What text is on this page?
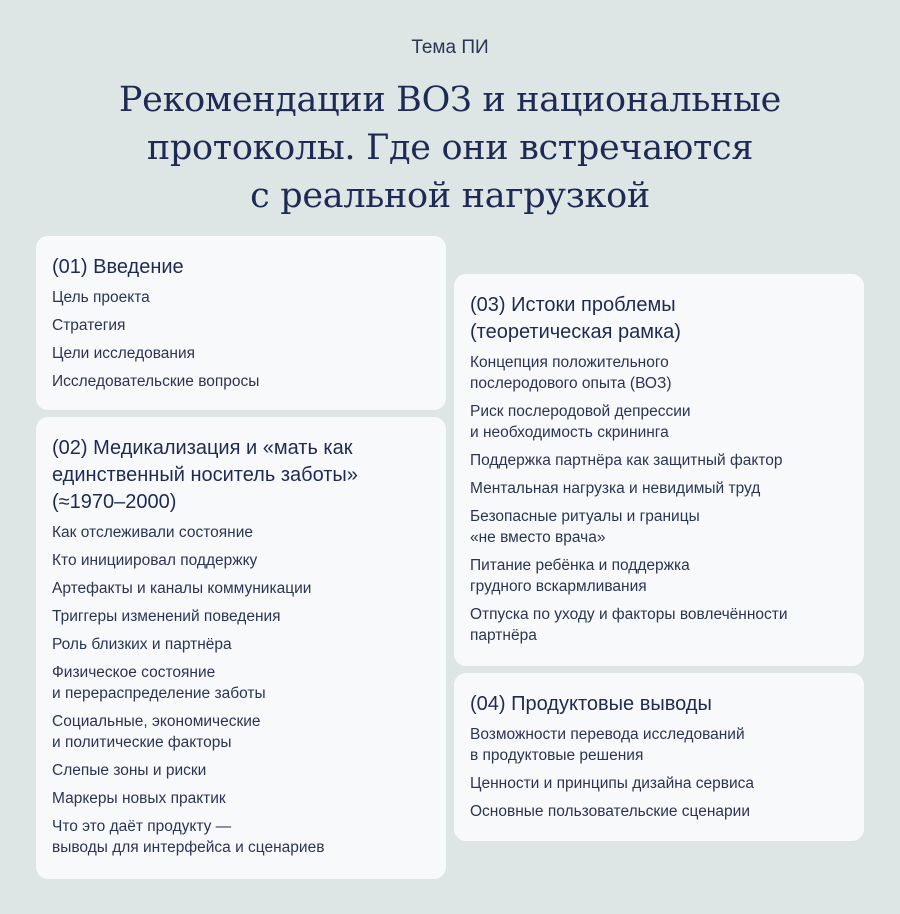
Тема ПИ

Рекомендации ВОЗ и национальные
протоколы. Где они встречаются
с реальной нагрузкой
(01) Введение
Цель проекта
Стратегия
Цели исследования
Исследовательские вопросы
(02) Медикализация и «мать как
единственный носитель заботы»
(≈1970–2000)
Как отслеживали состояние
Кто инициировал поддержку
Артефакты и каналы коммуникации
Триггеры изменений поведения
Роль близких и партнёра
Физическое состояние
и перераспределение заботы
Социальные, экономические
и политические факторы
Слепые зоны и риски
Маркеры новых практик
Что это даёт продукту —
выводы для интерфейса и сценариев
(03) Истоки проблемы
(теоретическая рамка)
Концепция положительного
послеродового опыта (ВОЗ)
Риск послеродовой депрессии
и необходимость скрининга
Поддержка партнёра как защитный фактор
Ментальная нагрузка и невидимый труд
Безопасные ритуалы и границы
«не вместо врача»
Питание ребёнка и поддержка
грудного вскармливания
Отпуска по уходу и факторы вовлечённости
партнёра
(04) Продуктовые выводы
Возможности перевода исследований
в продуктовые решения
Ценности и принципы дизайна сервиса
Основные пользовательские сценарии
